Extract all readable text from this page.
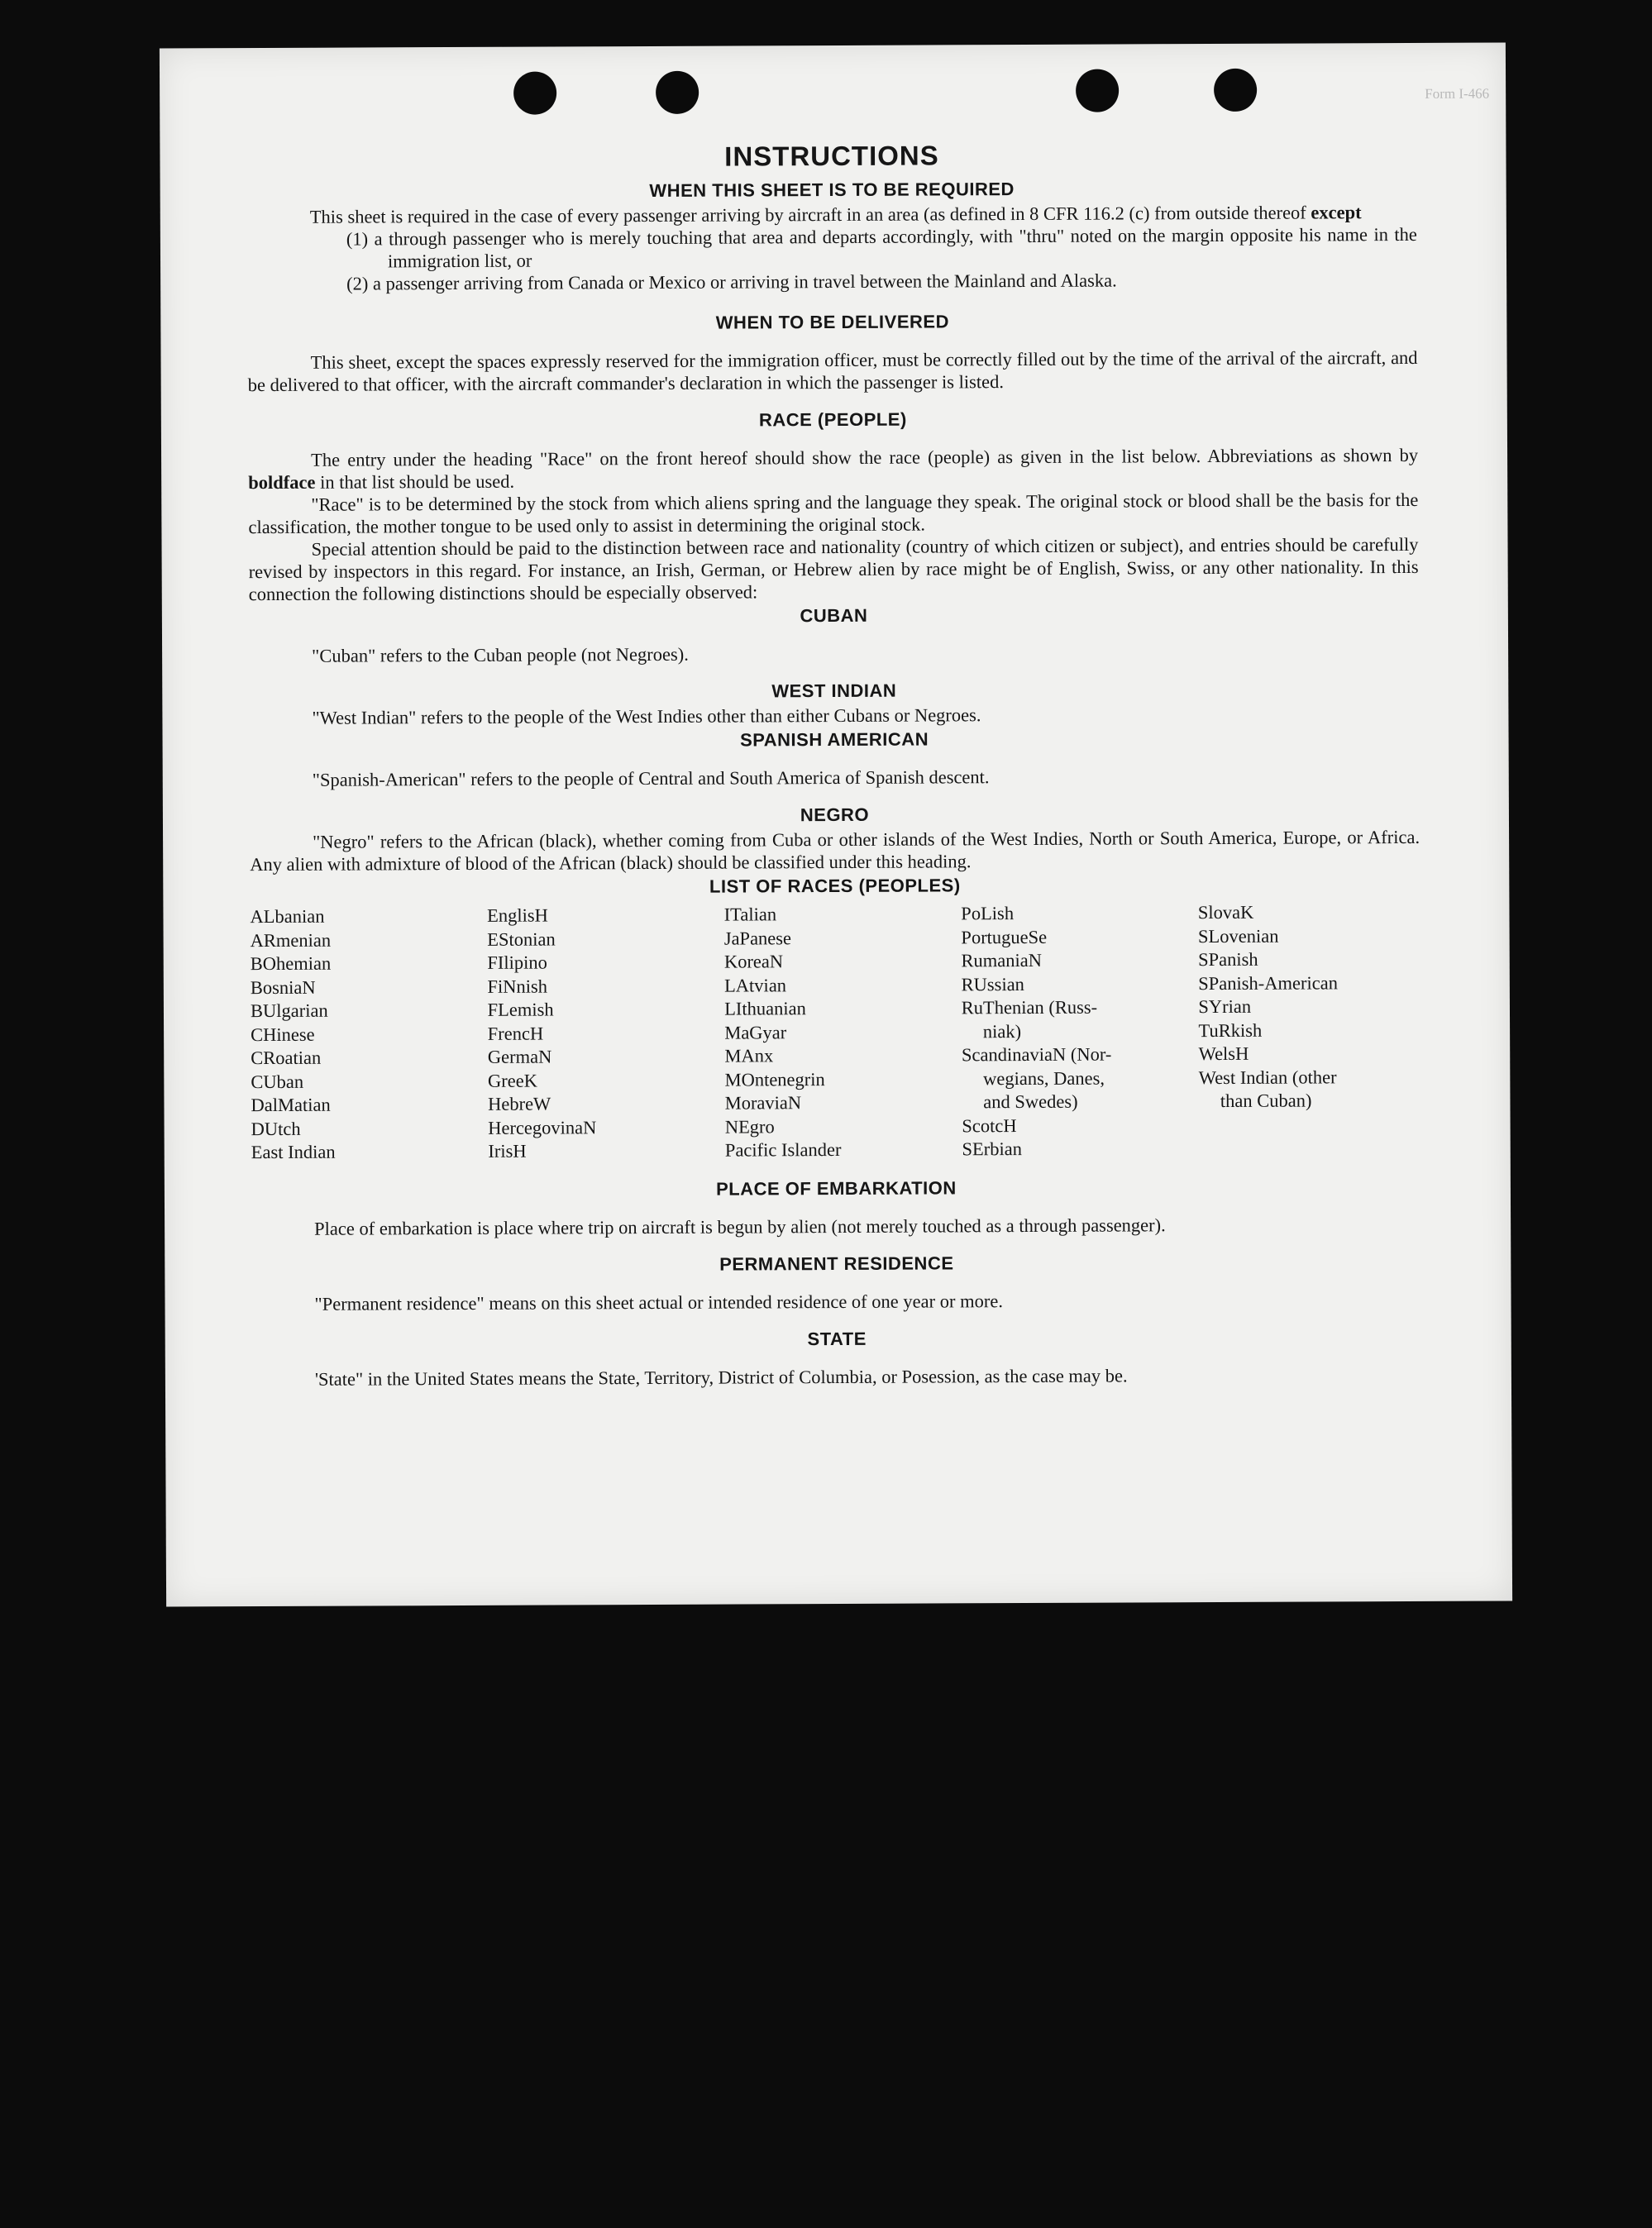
Form I-466
INSTRUCTIONS
WHEN THIS SHEET IS TO BE REQUIRED

This sheet is required in the case of every passenger arriving by aircraft in an area (as defined in 8 CFR 116.2 (c) from outside thereof except

(1) a through passenger who is merely touching that area and departs accordingly, with "thru" noted on the margin opposite his name in the immigration list, or

(2) a passenger arriving from Canada or Mexico or arriving in travel between the Mainland and Alaska.

WHEN TO BE DELIVERED

This sheet, except the spaces expressly reserved for the immigration officer, must be correctly filled out by the time of the arrival of the aircraft, and be delivered to that officer, with the aircraft commander's declaration in which the passenger is listed.

RACE (PEOPLE)

The entry under the heading "Race" on the front hereof should show the race (people) as given in the list below. Abbreviations as shown by boldface in that list should be used.

"Race" is to be determined by the stock from which aliens spring and the language they speak. The original stock or blood shall be the basis for the classification, the mother tongue to be used only to assist in determining the original stock.

Special attention should be paid to the distinction between race and nationality (country of which citizen or subject), and entries should be carefully revised by inspectors in this regard. For instance, an Irish, German, or Hebrew alien by race might be of English, Swiss, or any other nationality. In this connection the following distinctions should be especially observed:

CUBAN

"Cuban" refers to the Cuban people (not Negroes).

WEST INDIAN

"West Indian" refers to the people of the West Indies other than either Cubans or Negroes.

SPANISH AMERICAN

"Spanish-American" refers to the people of Central and South America of Spanish descent.

NEGRO

"Negro" refers to the African (black), whether coming from Cuba or other islands of the West Indies, North or South America, Europe, or Africa. Any alien with admixture of blood of the African (black) should be classified under this heading.

LIST OF RACES (PEOPLES)
ALbanian
ARmenian
BOhemian
BosniaN
BUlgarian
CHinese
CRoatian
CUban
DalMatian
DUtch
East Indian
EnglisH
EStonian
FIlipino
FiNnish
FLemish
FrencH
GermaN
GreeK
HebreW
HercegovinaN
IrisH
ITalian
JaPanese
KoreaN
LAtvian
LIthuanian
MaGyar
MAnx
MOntenegrin
MoraviaN
NEgro
Pacific Islander
PoLish
PortugueSe
RumaniaN
RUssian
RuThenian (Russ-
niak)
ScandinaviaN (Nor-
wegians, Danes,
and Swedes)
ScotcH
SErbian
SlovaK
SLovenian
SPanish
SPanish-American
SYrian
TuRkish
WelsH
West Indian (other
than Cuban)
PLACE OF EMBARKATION

Place of embarkation is place where trip on aircraft is begun by alien (not merely touched as a through passenger).

PERMANENT RESIDENCE

"Permanent residence" means on this sheet actual or intended residence of one year or more.

STATE

'State" in the United States means the State, Territory, District of Columbia, or Posession, as the case may be.
